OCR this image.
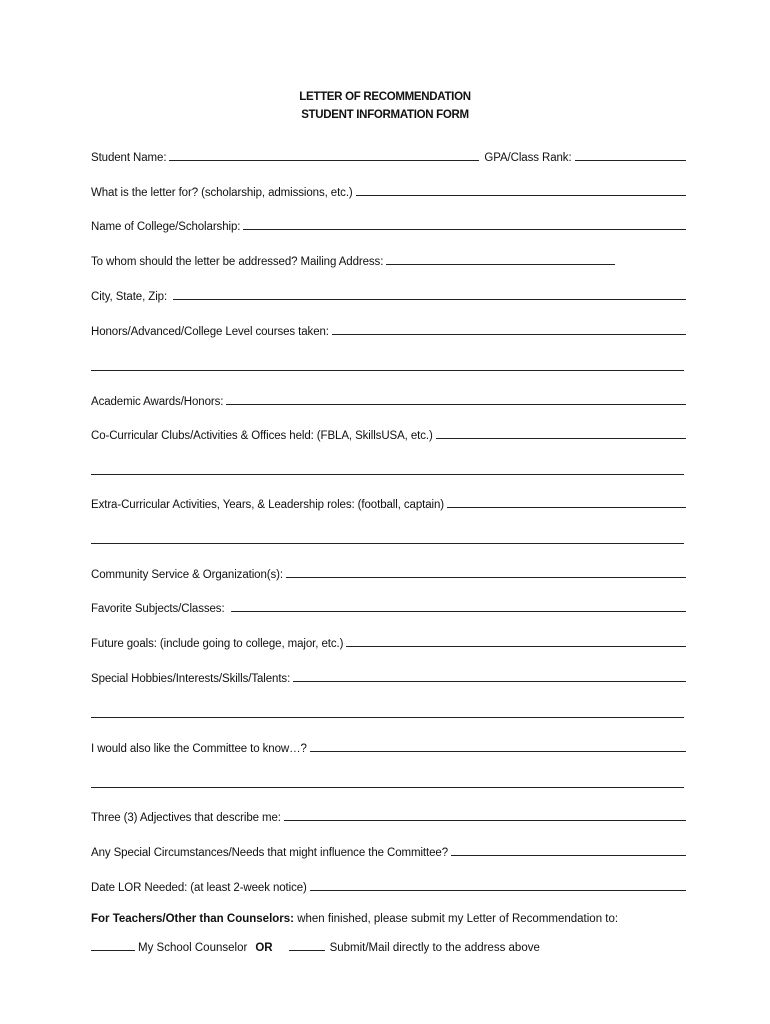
LETTER OF RECOMMENDATION
STUDENT INFORMATION FORM
Student Name:	GPA/Class Rank:
What is the letter for? (scholarship, admissions, etc.)
Name of College/Scholarship:
To whom should the letter be addressed? Mailing Address:
City, State, Zip:
Honors/Advanced/College Level courses taken:
Academic Awards/Honors:
Co-Curricular Clubs/Activities & Offices held: (FBLA, SkillsUSA, etc.)
Extra-Curricular Activities, Years, & Leadership roles: (football, captain)
Community Service & Organization(s):
Favorite Subjects/Classes:
Future goals: (include going to college, major, etc.)
Special Hobbies/Interests/Skills/Talents:
I would also like the Committee to know…?
Three (3) Adjectives that describe me:
Any Special Circumstances/Needs that might influence the Committee?
Date LOR Needed: (at least 2-week notice)
For Teachers/Other than Counselors: when finished, please submit my Letter of Recommendation to:
My School Counselor OR	Submit/Mail directly to the address above
